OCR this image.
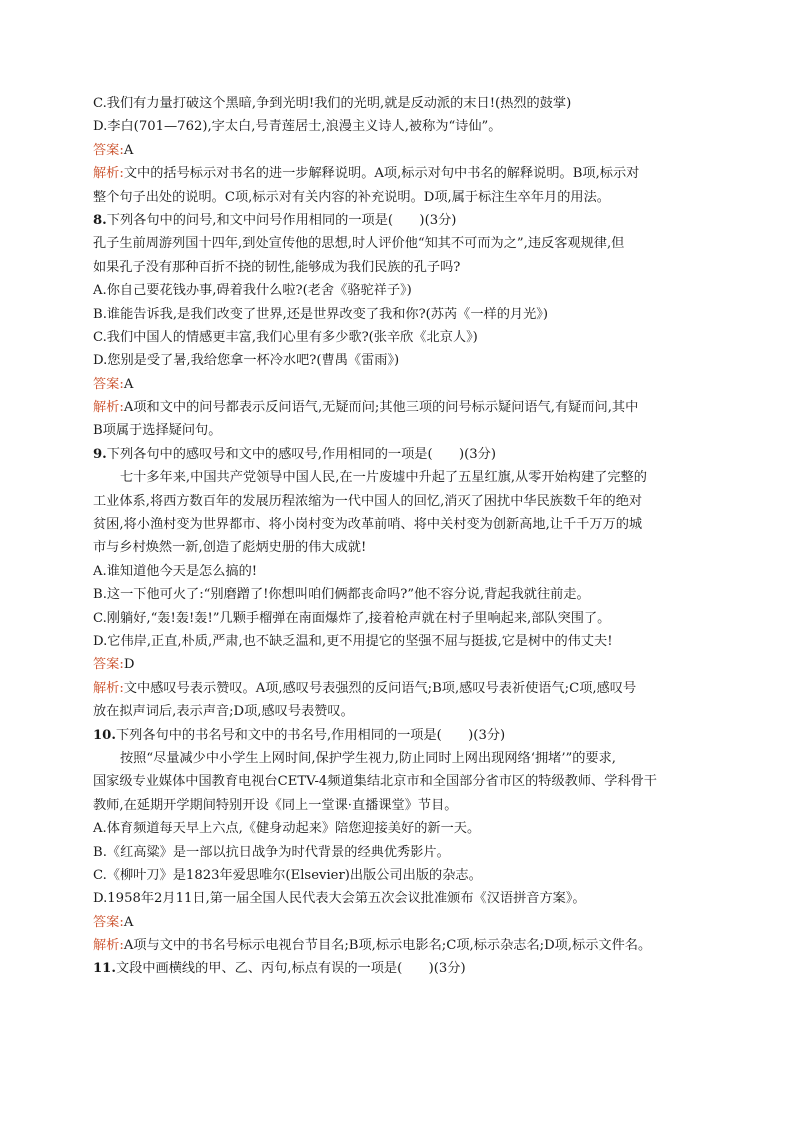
C.我们有力量打破这个黑暗,争到光明!我们的光明,就是反动派的末日!(热烈的鼓掌)
D.李白(701—762),字太白,号青莲居士,浪漫主义诗人,被称为“诗仙”。
答案:A
解析:文中的括号标示对书名的进一步解释说明。A项,标示对句中书名的解释说明。B项,标示对
整个句子出处的说明。C项,标示对有关内容的补充说明。D项,属于标注生卒年月的用法。
8.下列各句中的问号,和文中问号作用相同的一项是(　　)(3分)
孔子生前周游列国十四年,到处宣传他的思想,时人评价他“知其不可而为之”,违反客观规律,但
如果孔子没有那种百折不挠的韧性,能够成为我们民族的孔子吗?
A.你自己要花钱办事,碍着我什么啦?(老舍《骆驼祥子》)
B.谁能告诉我,是我们改变了世界,还是世界改变了我和你?(苏芮《一样的月光》)
C.我们中国人的情感更丰富,我们心里有多少歌?(张辛欣《北京人》)
D.您别是受了暑,我给您拿一杯冷水吧?(曹禺《雷雨》)
答案:A
解析:A项和文中的问号都表示反问语气,无疑而问;其他三项的问号标示疑问语气,有疑而问,其中
B项属于选择疑问句。
9.下列各句中的感叹号和文中的感叹号,作用相同的一项是(　　)(3分)
七十多年来,中国共产党领导中国人民,在一片废墟中升起了五星红旗,从零开始构建了完整的
工业体系,将西方数百年的发展历程浓缩为一代中国人的回忆,消灭了困扰中华民族数千年的绝对
贫困,将小渔村变为世界都市、将小岗村变为改革前哨、将中关村变为创新高地,让千千万万的城
市与乡村焕然一新,创造了彪炳史册的伟大成就!
A.谁知道他今天是怎么搞的!
B.这一下他可火了:“别磨蹭了!你想叫咱们俩都丧命吗?”他不容分说,背起我就往前走。
C.刚躺好,“轰!轰!轰!”几颗手榴弹在南面爆炸了,接着枪声就在村子里响起来,部队突围了。
D.它伟岸,正直,朴质,严肃,也不缺乏温和,更不用提它的坚强不屈与挺拔,它是树中的伟丈夫!
答案:D
解析:文中感叹号表示赞叹。A项,感叹号表强烈的反问语气;B项,感叹号表祈使语气;C项,感叹号
放在拟声词后,表示声音;D项,感叹号表赞叹。
10.下列各句中的书名号和文中的书名号,作用相同的一项是(　　)(3分)
按照“尽量减少中小学生上网时间,保护学生视力,防止同时上网出现网络‘拥堵’”的要求,
国家级专业媒体中国教育电视台CETV-4频道集结北京市和全国部分省市区的特级教师、学科骨干
教师,在延期开学期间特别开设《同上一堂课·直播课堂》节目。
A.体育频道每天早上六点,《健身动起来》陪您迎接美好的新一天。
B.《红高粱》是一部以抗日战争为时代背景的经典优秀影片。
C.《柳叶刀》是1823年爱思唯尔(Elsevier)出版公司出版的杂志。
D.1958年2月11日,第一届全国人民代表大会第五次会议批准颁布《汉语拼音方案》。
答案:A
解析:A项与文中的书名号标示电视台节目名;B项,标示电影名;C项,标示杂志名;D项,标示文件名。
11.文段中画横线的甲、乙、丙句,标点有误的一项是(　　)(3分)
